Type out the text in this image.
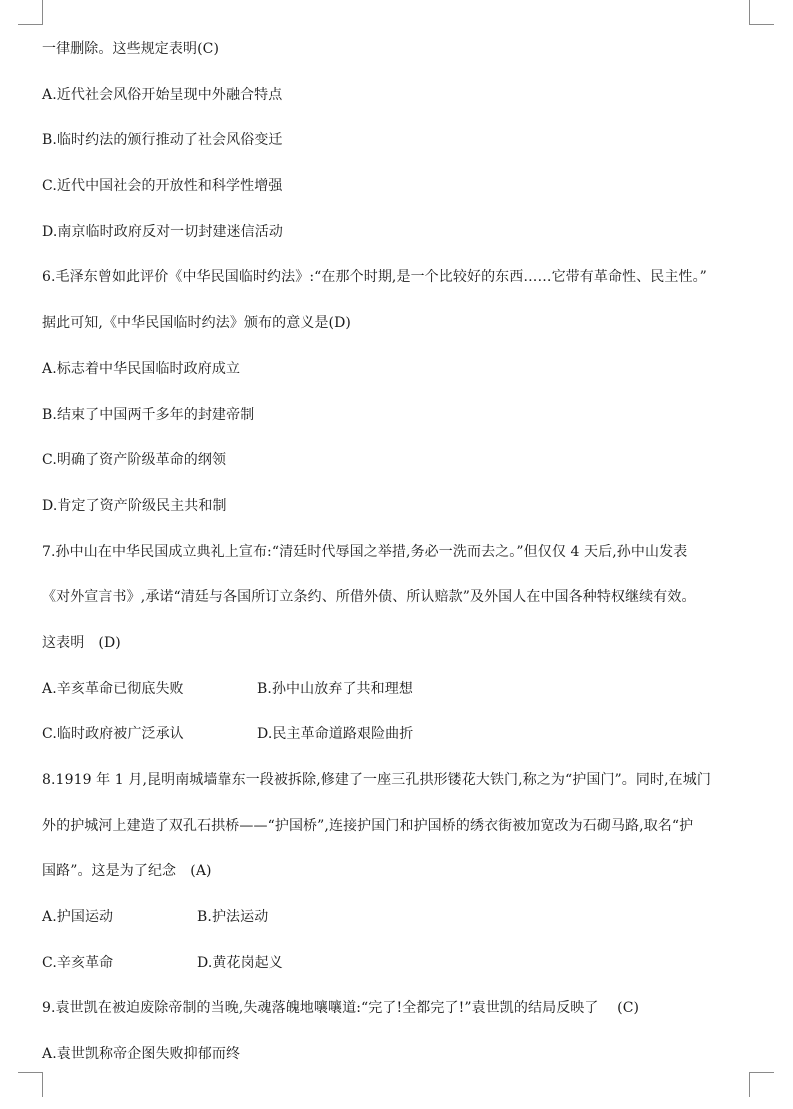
一律删除。这些规定表明(C)
A.近代社会风俗开始呈现中外融合特点
B.临时约法的颁行推动了社会风俗变迁
C.近代中国社会的开放性和科学性增强
D.南京临时政府反对一切封建迷信活动
6.毛泽东曾如此评价《中华民国临时约法》:“在那个时期,是一个比较好的东西……它带有革命性、民主性。”
据此可知,《中华民国临时约法》颁布的意义是(D)
A.标志着中华民国临时政府成立
B.结束了中国两千多年的封建帝制
C.明确了资产阶级革命的纲领
D.肯定了资产阶级民主共和制
7.孙中山在中华民国成立典礼上宣布:“清廷时代辱国之举措,务必一洗而去之。”但仅仅 4 天后,孙中山发表
《对外宣言书》,承诺“清廷与各国所订立条约、所借外债、所认赔款”及外国人在中国各种特权继续有效。
这表明　(D)
A.辛亥革命已彻底失败	B.孙中山放弃了共和理想
C.临时政府被广泛承认	D.民主革命道路艰险曲折
8.1919 年 1 月,昆明南城墙靠东一段被拆除,修建了一座三孔拱形镂花大铁门,称之为“护国门”。同时,在城门
外的护城河上建造了双孔石拱桥——“护国桥”,连接护国门和护国桥的绣衣街被加宽改为石砌马路,取名“护
国路”。这是为了纪念　(A)
A.护国运动	B.护法运动
C.辛亥革命	D.黄花岗起义
9.袁世凯在被迫废除帝制的当晚,失魂落魄地嚷嚷道:“完了!全都完了!”袁世凯的结局反映了　 (C)
A.袁世凯称帝企图失败抑郁而终
